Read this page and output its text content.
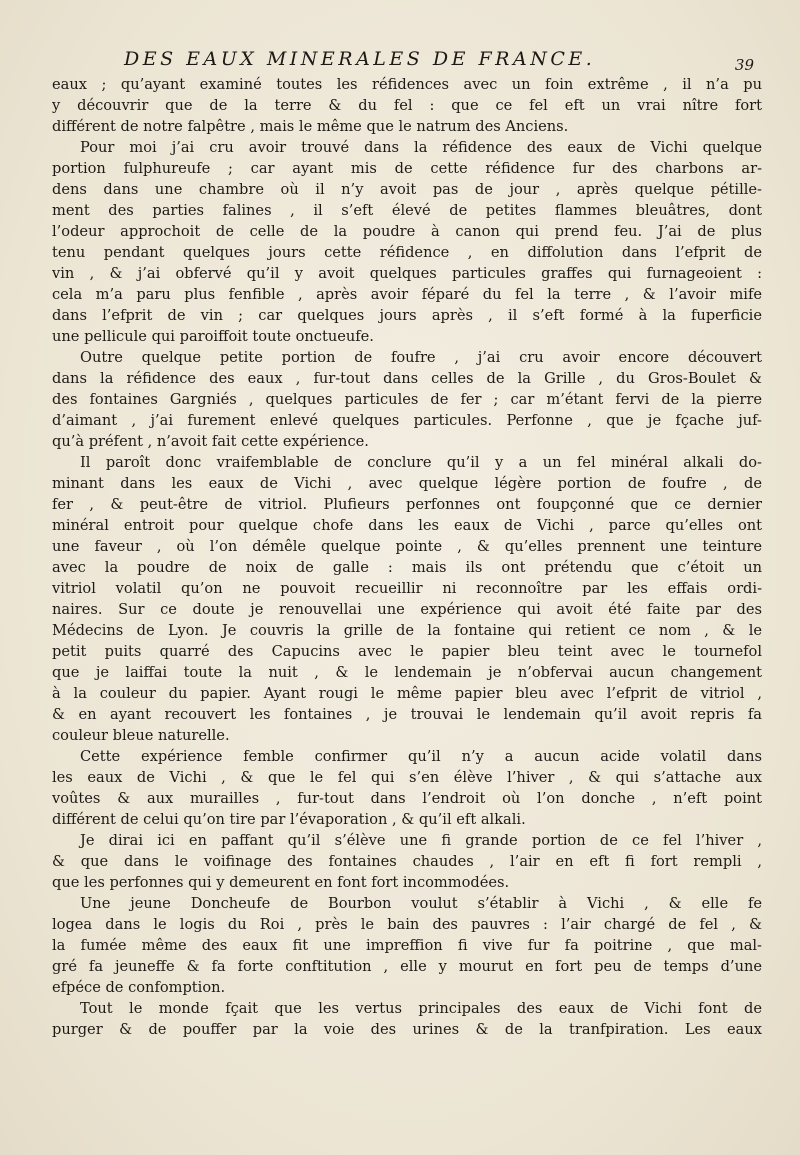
DES EAUX MINERALES DE FRANCE.	39
eaux ; qu’ayant examiné toutes les réfidences avec un foin extrême , il n’a pu
y découvrir que de la terre & du fel : que ce fel eft un vrai nître fort
différent de notre falpêtre , mais le même que le natrum des Anciens.
Pour moi j’ai cru avoir trouvé dans la réfidence des eaux de Vichi quelque
portion fulphureufe ; car ayant mis de cette réfidence fur des charbons ar-
dens dans une chambre où il n’y avoit pas de jour , après quelque pétille-
ment des parties falines , il s’eft élevé de petites flammes bleuâtres, dont
l’odeur approchoit de celle de la poudre à canon qui prend feu. J’ai de plus
tenu pendant quelques jours cette réfidence , en diffolution dans l’efprit de
vin , & j’ai obfervé qu’il y avoit quelques particules graffes qui furnageoient :
cela m’a paru plus fenfible , après avoir féparé du fel la terre , & l’avoir mife
dans l’efprit de vin ; car quelques jours après , il s’eft formé à la fuperficie
une pellicule qui paroiffoit toute onctueufe.
Outre quelque petite portion de foufre , j’ai cru avoir encore découvert
dans la réfidence des eaux , fur-tout dans celles de la Grille , du Gros-Boulet &
des fontaines Gargniés , quelques particules de fer ; car m’étant fervi de la pierre
d’aimant , j’ai furement enlevé quelques particules. Perfonne , que je fçache juf-
qu’à préfent , n’avoit fait cette expérience.
Il paroît donc vraifemblable de conclure qu’il y a un fel minéral alkali do-
minant dans les eaux de Vichi , avec quelque légère portion de foufre , de
fer , & peut-être de vitriol. Plufieurs perfonnes ont foupçonné que ce dernier
minéral entroit pour quelque chofe dans les eaux de Vichi , parce qu’elles ont
une faveur , où l’on démêle quelque pointe , & qu’elles prennent une teinture
avec la poudre de noix de galle : mais ils ont prétendu que c’étoit un
vitriol volatil qu’on ne pouvoit recueillir ni reconnoître par les effais ordi-
naires. Sur ce doute je renouvellai une expérience qui avoit été faite par des
Médecins de Lyon. Je couvris la grille de la fontaine qui retient ce nom , & le
petit puits quarré des Capucins avec le papier bleu teint avec le tournefol
que je laiffai toute la nuit , & le lendemain je n’obfervai aucun changement
à la couleur du papier. Ayant rougi le même papier bleu avec l’efprit de vitriol ,
& en ayant recouvert les fontaines , je trouvai le lendemain qu’il avoit repris fa
couleur bleue naturelle.
Cette expérience femble confirmer qu’il n’y a aucun acide volatil dans
les eaux de Vichi , & que le fel qui s’en élève l’hiver , & qui s’attache aux
voûtes & aux murailles , fur-tout dans l’endroit où l’on donche , n’eft point
différent de celui qu’on tire par l’évaporation , & qu’il eft alkali.
Je dirai ici en paffant qu’il s’élève une fi grande portion de ce fel l’hiver ,
& que dans le voifinage des fontaines chaudes , l’air en eft fi fort rempli ,
que les perfonnes qui y demeurent en font fort incommodées.
Une jeune Doncheufe de Bourbon voulut s’établir à Vichi , & elle fe
logea dans le logis du Roi , près le bain des pauvres : l’air chargé de fel , &
la fumée même des eaux fit une impreffion fi vive fur fa poitrine , que mal-
gré fa jeuneffe & fa forte conftitution , elle y mourut en fort peu de temps d’une
efpéce de confomption.
Tout le monde fçait que les vertus principales des eaux de Vichi font de
purger & de pouffer par la voie des urines & de la tranfpiration. Les eaux
